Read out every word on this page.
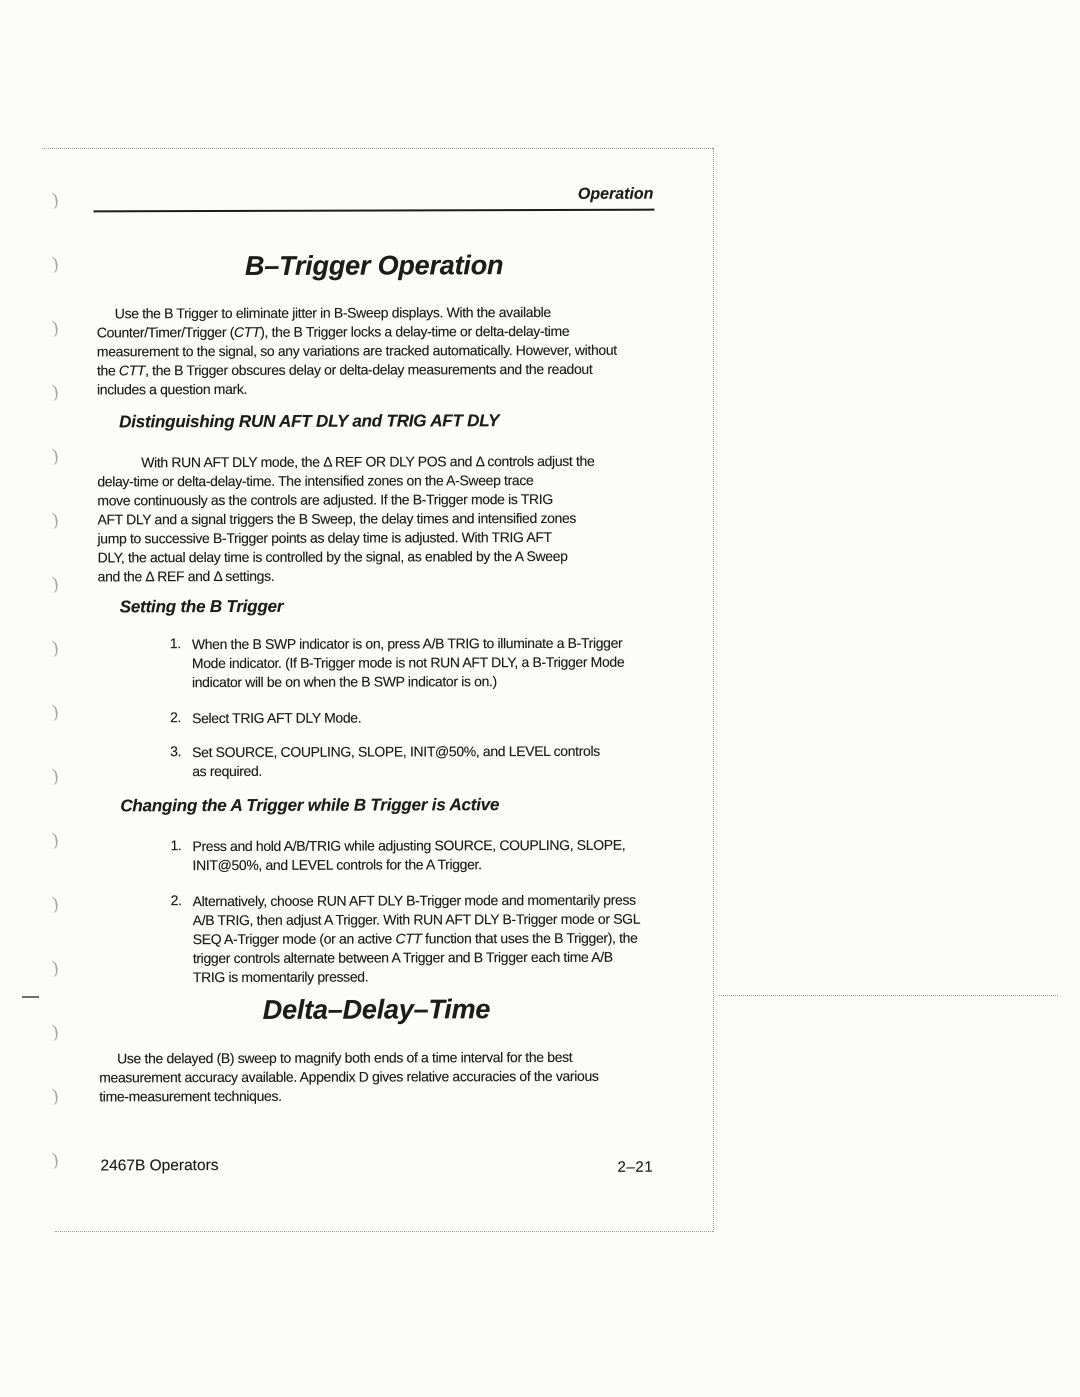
)
)
)
)
)
)
)
)
)
)
)
)
)
)
)
)
Operation
B–Trigger Operation
Use the B Trigger to eliminate jitter in B-Sweep displays. With the available
Counter/Timer/Trigger (CTT), the B Trigger locks a delay-time or delta-delay-time
measurement to the signal, so any variations are tracked automatically. However, without
the CTT, the B Trigger obscures delay or delta-delay measurements and the readout
includes a question mark.
Distinguishing RUN AFT DLY and TRIG AFT DLY
With RUN AFT DLY mode, the Δ REF OR DLY POS and Δ controls adjust the
delay-time or delta-delay-time. The intensified zones on the A-Sweep trace
move continuously as the controls are adjusted. If the B-Trigger mode is TRIG
AFT DLY and a signal triggers the B Sweep, the delay times and intensified zones
jump to successive B-Trigger points as delay time is adjusted. With TRIG AFT
DLY, the actual delay time is controlled by the signal, as enabled by the A Sweep
and the Δ REF and Δ settings.
Setting the B Trigger
1. When the B SWP indicator is on, press A/B TRIG to illuminate a B-Trigger
Mode indicator. (If B-Trigger mode is not RUN AFT DLY, a B-Trigger Mode
indicator will be on when the B SWP indicator is on.)
2. Select TRIG AFT DLY Mode.
3. Set SOURCE, COUPLING, SLOPE, INIT@50%, and LEVEL controls
as required.
Changing the A Trigger while B Trigger is Active
1. Press and hold A/B/TRIG while adjusting SOURCE, COUPLING, SLOPE,
INIT@50%, and LEVEL controls for the A Trigger.
2. Alternatively, choose RUN AFT DLY B-Trigger mode and momentarily press
A/B TRIG, then adjust A Trigger. With RUN AFT DLY B-Trigger mode or SGL
SEQ A-Trigger mode (or an active CTT function that uses the B Trigger), the
trigger controls alternate between A Trigger and B Trigger each time A/B
TRIG is momentarily pressed.
Delta–Delay–Time
Use the delayed (B) sweep to magnify both ends of a time interval for the best
measurement accuracy available. Appendix D gives relative accuracies of the various
time-measurement techniques.
2467B Operators	2–21
